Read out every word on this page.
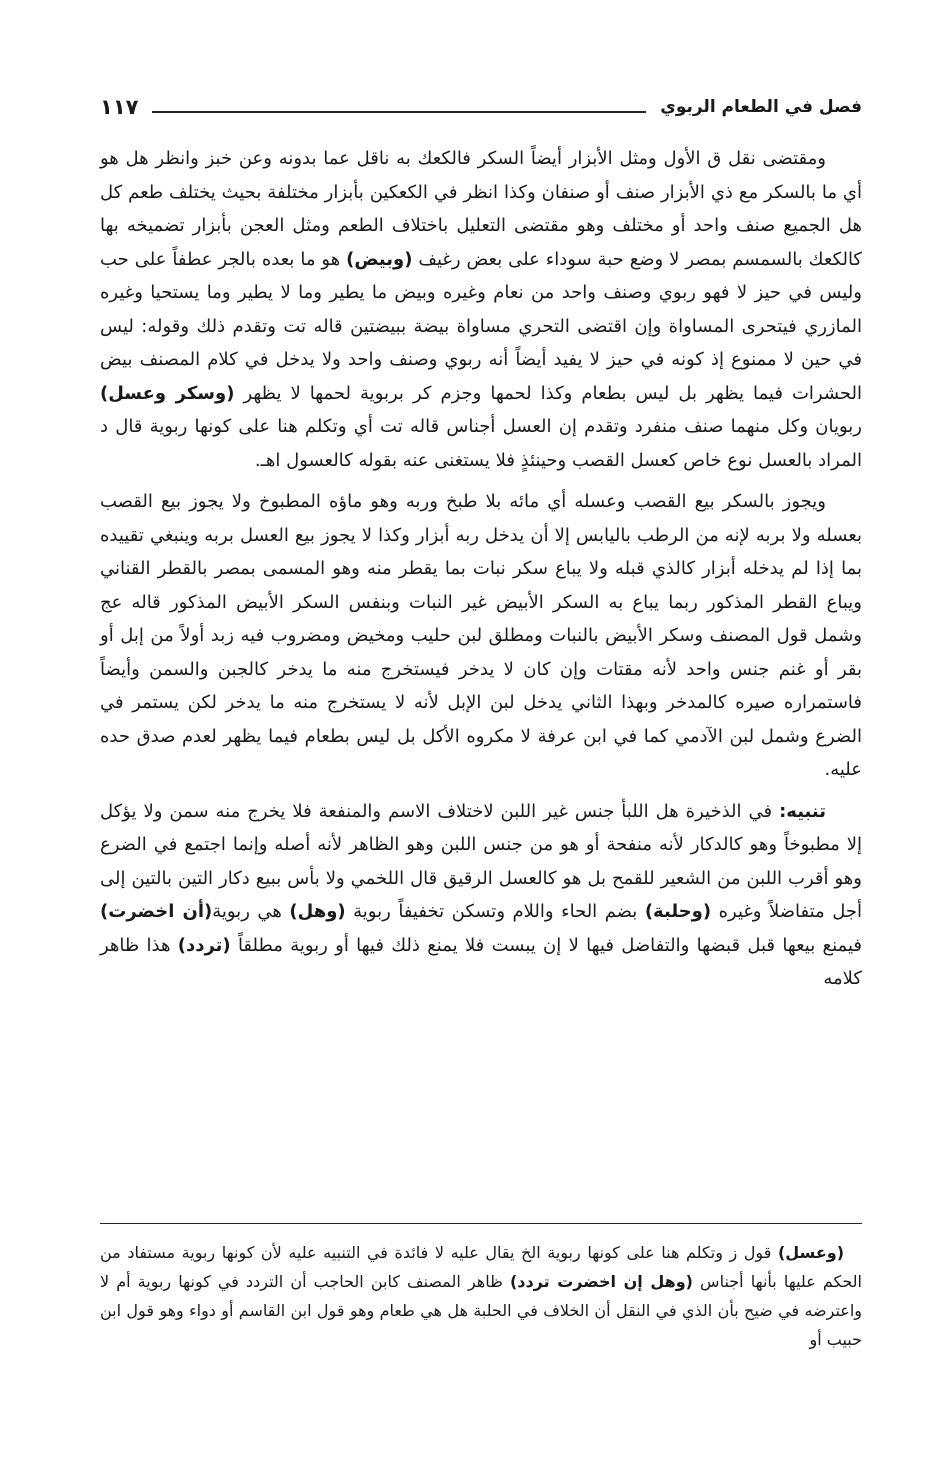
فصل في الطعام الربوي
١١٧

ومقتضى نقل ق الأول ومثل الأبزار أيضاً السكر فالكعك به ناقل عما بدونه وعن خبز وانظر هل هو أي ما بالسكر مع ذي الأبزار صنف أو صنفان وكذا انظر في الكعكين بأبزار مختلفة بحيث يختلف طعم كل هل الجميع صنف واحد أو مختلف وهو مقتضى التعليل باختلاف الطعم ومثل العجن بأبزار تضميخه بها كالكعك بالسمسم بمصر لا وضع حبة سوداء على بعض رغيف (وبيض) هو ما بعده بالجر عطفاً على حب وليس في حيز لا فهو ربوي وصنف واحد من نعام وغيره وبيض ما يطير وما لا يطير وما يستحيا وغيره المازري فيتحرى المساواة وإن اقتضى التحري مساواة بيضة ببيضتين قاله تت وتقدم ذلك وقوله: ليس في حين لا ممنوع إذ كونه في حيز لا يفيد أيضاً أنه ربوي وصنف واحد ولا يدخل في كلام المصنف بيض الحشرات فيما يظهر بل ليس بطعام وكذا لحمها وجزم كر بربوية لحمها لا يظهر (وسكر وعسل) ربويان وكل منهما صنف منفرد وتقدم إن العسل أجناس قاله تت أي وتكلم هنا على كونها ربوية قال د المراد بالعسل نوع خاص كعسل القصب وحينئذٍ فلا يستغنى عنه بقوله كالعسول اهـ.

ويجوز بالسكر بيع القصب وعسله أي مائه بلا طبخ وربه وهو ماؤه المطبوخ ولا يجوز بيع القصب بعسله ولا بربه لإنه من الرطب باليابس إلا أن يدخل ربه أبزار وكذا لا يجوز بيع العسل بربه وينبغي تقييده بما إذا لم يدخله أبزار كالذي قبله ولا يباع سكر نبات بما يقطر منه وهو المسمى بمصر بالقطر القناني ويباع القطر المذكور ربما يباع به السكر الأبيض غير النبات وبنفس السكر الأبيض المذكور قاله عج وشمل قول المصنف وسكر الأبيض بالنبات ومطلق لبن حليب ومخيض ومضروب فيه زبد أولاً من إبل أو بقر أو غنم جنس واحد لأنه مقتات وإن كان لا يدخر فيستخرج منه ما يدخر كالجبن والسمن وأيضاً فاستمراره صيره كالمدخر وبهذا الثاني يدخل لبن الإبل لأنه لا يستخرج منه ما يدخر لكن يستمر في الضرع وشمل لبن الآدمي كما في ابن عرفة لا مكروه الأكل بل ليس بطعام فيما يظهر لعدم صدق حده عليه.

تنبيه: في الذخيرة هل اللبأ جنس غير اللبن لاختلاف الاسم والمنفعة فلا يخرج منه سمن ولا يؤكل إلا مطبوخاً وهو كالدكار لأنه منفحة أو هو من جنس اللبن وهو الظاهر لأنه أصله وإنما اجتمع في الضرع وهو أقرب اللبن من الشعير للقمح بل هو كالعسل الرقيق قال اللخمي ولا بأس ببيع دكار التين بالتين إلى أجل متفاضلاً وغيره (وحلبة) بضم الحاء واللام وتسكن تخفيفاً ربوية (وهل) هي ربوية(أن اخضرت) فيمنع بيعها قبل قبضها والتفاضل فيها لا إن يبست فلا يمنع ذلك فيها أو ربوية مطلقاً (تردد) هذا ظاهر كلامه

(وعسل) قول ز وتكلم هنا على كونها ربوية الخ يقال عليه لا فائدة في التنبيه عليه لأن كونها ربوية مستفاد من الحكم عليها بأنها أجناس (وهل إن اخضرت تردد) ظاهر المصنف كابن الحاجب أن التردد في كونها ربوية أم لا واعترضه في ضيح بأن الذي في النقل أن الخلاف في الحلبة هل هي طعام وهو قول ابن القاسم أو دواء وهو قول ابن حبيب أو
